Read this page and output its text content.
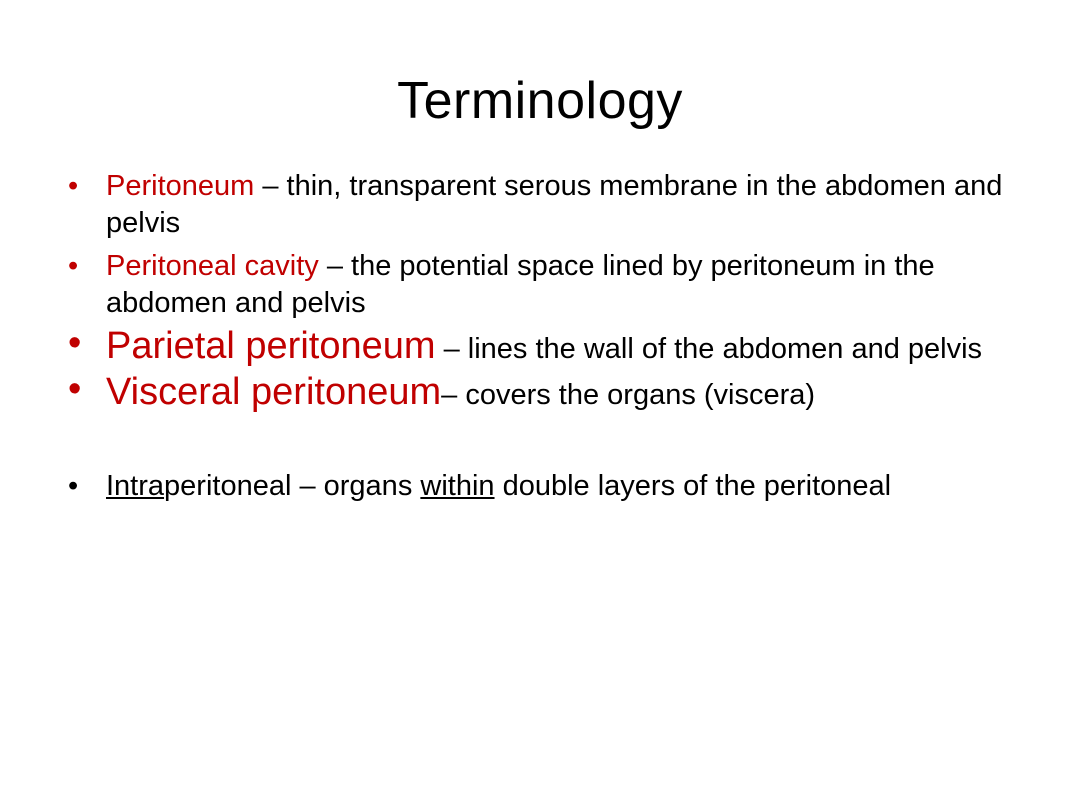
Terminology
• Peritoneum – thin, transparent serous membrane in the abdomen and pelvis
• Peritoneal cavity – the potential space lined by peritoneum in the abdomen and pelvis
• Parietal peritoneum – lines the wall of the abdomen and pelvis
• Visceral peritoneum– covers the organs (viscera)
• Intraperitoneal – organs within double layers of the peritoneal
